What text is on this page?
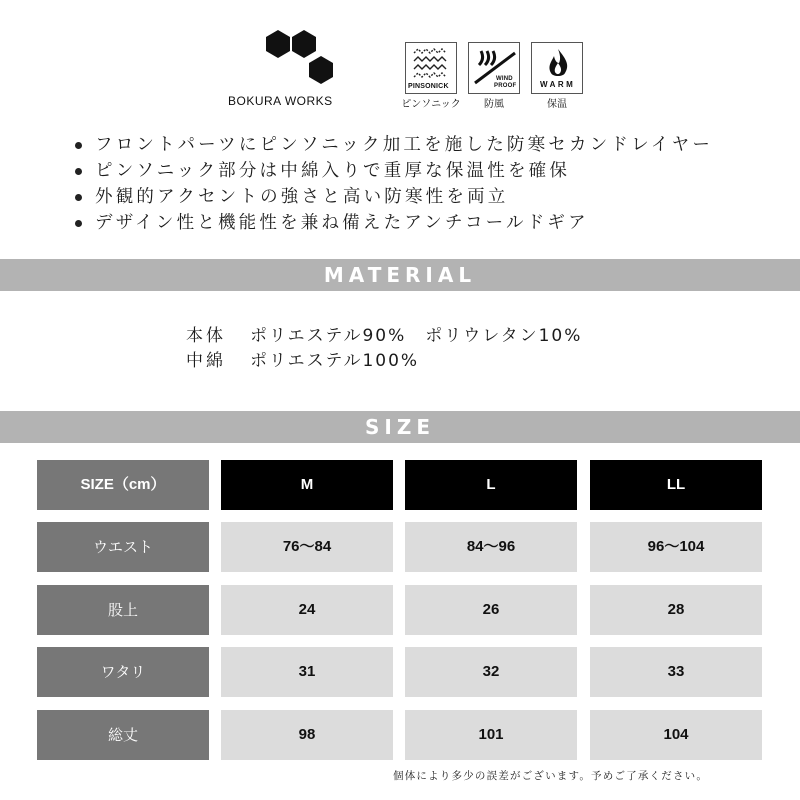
BOKURA WORKS
PINSONICK
ピンソニック
WIND
PROOF
防風
WARM
保温
フロントパーツにピンソニック加工を施した防寒セカンドレイヤー
ピンソニック部分は中綿入りで重厚な保温性を確保
外観的アクセントの強さと高い防寒性を両立
デザイン性と機能性を兼ね備えたアンチコールドギア
MATERIAL
本体 ポリエステル90%　ポリウレタン10%
中綿 ポリエステル100%
SIZE
SIZE（cm）	M	L	LL
ウエスト	76〜84	84〜96	96〜104
股上	24	26	28
ワタリ	31	32	33
総丈	98	101	104
個体により多少の誤差がございます。予めご了承ください。
